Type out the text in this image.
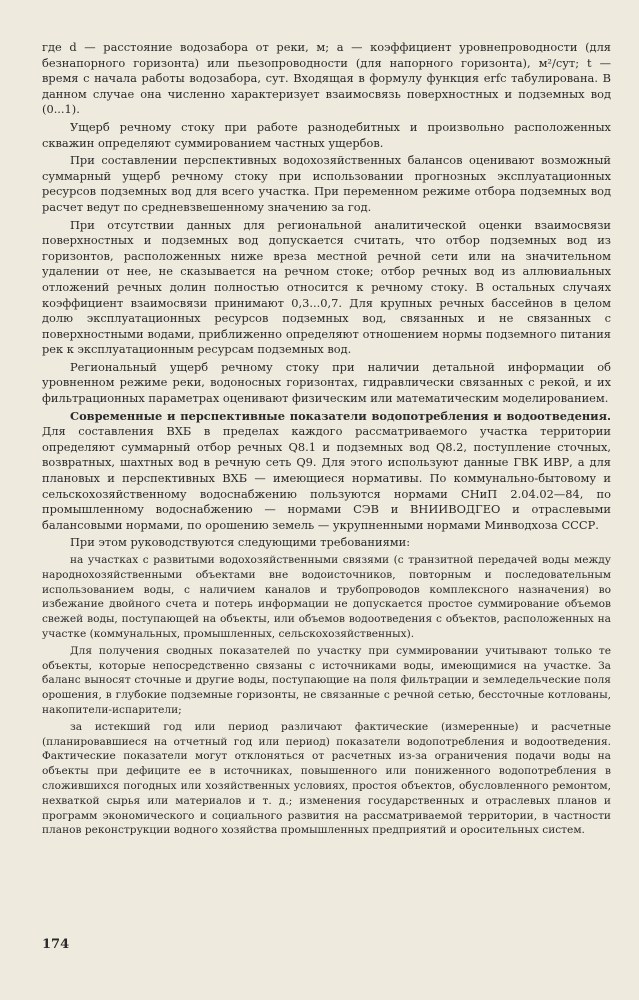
где d — расстояние водозабора от реки, м; a — коэффициент уровнепроводности (для безнапорного горизонта) или пьезопроводности (для напорного горизонта), м²/сут; t — время с начала работы водозабора, сут. Входящая в формулу функция erfc табулирована. В данном случае она численно характеризует взаимосвязь поверхностных и подземных вод (0...1).

Ущерб речному стоку при работе разнодебитных и произвольно расположенных скважин определяют суммированием частных ущербов.

При составлении перспективных водохозяйственных балансов оценивают возможный суммарный ущерб речному стоку при использовании прогнозных эксплуатационных ресурсов подземных вод для всего участка. При переменном режиме отбора подземных вод расчет ведут по средневзвешенному значению за год.

При отсутствии данных для региональной аналитической оценки взаимосвязи поверхностных и подземных вод допускается считать, что отбор подземных вод из горизонтов, расположенных ниже вреза местной речной сети или на значительном удалении от нее, не сказывается на речном стоке; отбор речных вод из аллювиальных отложений речных долин полностью относится к речному стоку. В остальных случаях коэффициент взаимосвязи принимают 0,3...0,7. Для крупных речных бассейнов в целом долю эксплуатационных ресурсов подземных вод, связанных и не связанных с поверхностными водами, приближенно определяют отношением нормы подземного питания рек к эксплуатационным ресурсам подземных вод.

Региональный ущерб речному стоку при наличии детальной информации об уровненном режиме реки, водоносных горизонтах, гидравлически связанных с рекой, и их фильтрационных параметрах оценивают физическим или математическим моделированием.

Современные и перспективные показатели водопотребления и водоотведения. Для составления ВХБ в пределах каждого рассматриваемого участка территории определяют суммарный отбор речных Q8.1 и подземных вод Q8.2, поступление сточных, возвратных, шахтных вод в речную сеть Q9. Для этого используют данные ГВК ИВР, а для плановых и перспективных ВХБ — имеющиеся нормативы. По коммунально-бытовому и сельскохозяйственному водоснабжению пользуются нормами СНиП 2.04.02—84, по промышленному водоснабжению — нормами СЭВ и ВНИИВОДГЕО и отраслевыми балансовыми нормами, по орошению земель — укрупненными нормами Минводхоза СССР.

При этом руководствуются следующими требованиями:

на участках с развитыми водохозяйственными связями (с транзитной передачей воды между народнохозяйственными объектами вне водоисточников, повторным и последовательным использованием воды, с наличием каналов и трубопроводов комплексного назначения) во избежание двойного счета и потерь информации не допускается простое суммирование объемов свежей воды, поступающей на объекты, или объемов водоотведения с объектов, расположенных на участке (коммунальных, промышленных, сельскохозяйственных).

Для получения сводных показателей по участку при суммировании учитывают только те объекты, которые непосредственно связаны с источниками воды, имеющимися на участке. За баланс выносят сточные и другие воды, поступающие на поля фильтрации и земледельческие поля орошения, в глубокие подземные горизонты, не связанные с речной сетью, бессточные котлованы, накопители-испарители;

за истекший год или период различают фактические (измеренные) и расчетные (планировавшиеся на отчетный год или период) показатели водопотребления и водоотведения. Фактические показатели могут отклоняться от расчетных из-за ограничения подачи воды на объекты при дефиците ее в источниках, повышенного или пониженного водопотребления в сложившихся погодных или хозяйственных условиях, простоя объектов, обусловленного ремонтом, нехваткой сырья или материалов и т. д.; изменения государственных и отраслевых планов и программ экономического и социального развития на рассматриваемой территории, в частности планов реконструкции водного хозяйства промышленных предприятий и оросительных систем.

174
